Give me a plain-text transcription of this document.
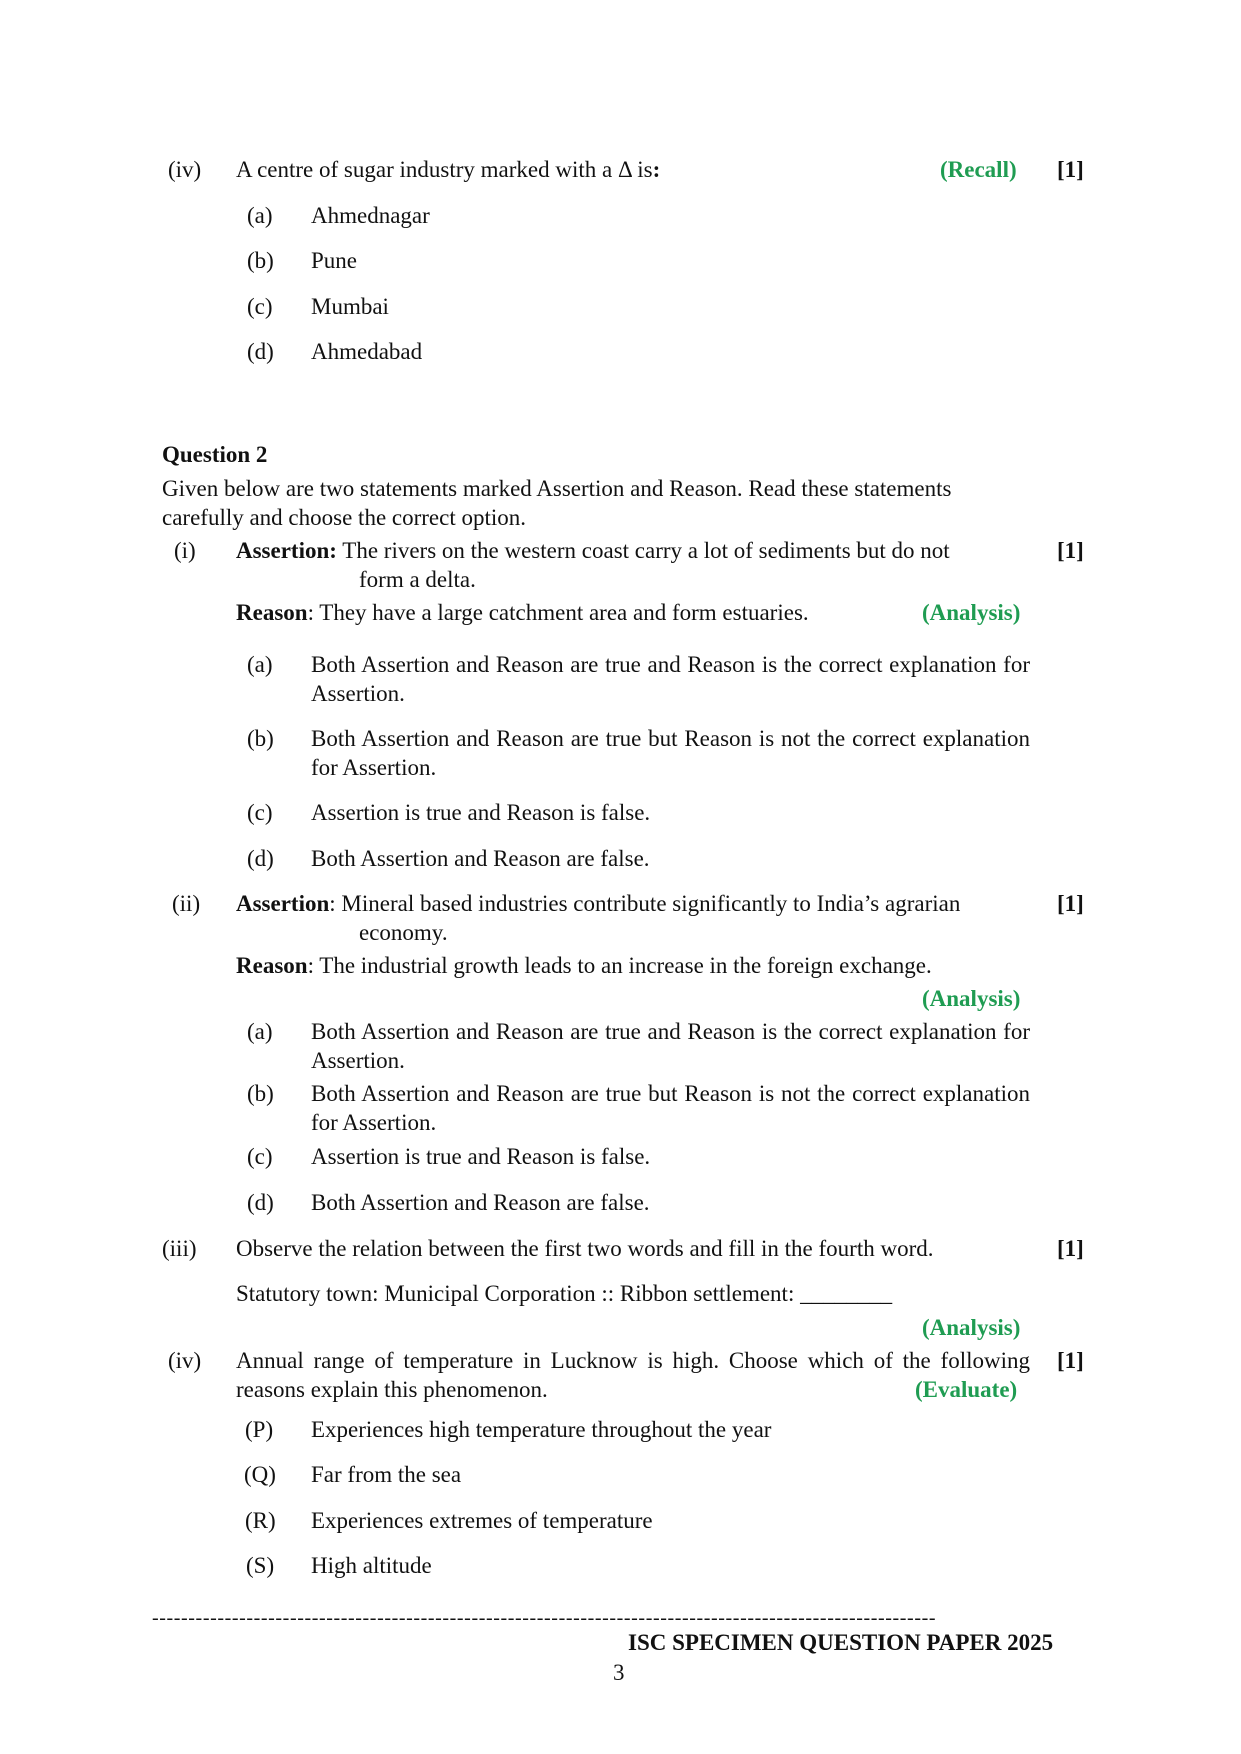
(iv) A centre of sugar industry marked with a Δ is:	(Recall) [1]
(a) Ahmednagar
(b) Pune
(c) Mumbai
(d) Ahmedabad
Question 2
Given below are two statements marked Assertion and Reason. Read these statements
carefully and choose the correct option.
(i) Assertion: The rivers on the western coast carry a lot of sediments but do not
form a delta.
[1]
Reason: They have a large catchment area and form estuaries.	(Analysis)
(a) Both Assertion and Reason are true and Reason is the correct explanation for Assertion.
(b) Both Assertion and Reason are true but Reason is not the correct explanation for Assertion.
(c) Assertion is true and Reason is false.
(d) Both Assertion and Reason are false.
(ii) Assertion: Mineral based industries contribute significantly to India’s agrarian
economy.
[1]
Reason: The industrial growth leads to an increase in the foreign exchange.
(Analysis)
(a) Both Assertion and Reason are true and Reason is the correct explanation for Assertion.
(b) Both Assertion and Reason are true but Reason is not the correct explanation for Assertion.
(c) Assertion is true and Reason is false.
(d) Both Assertion and Reason are false.
(iii) Observe the relation between the first two words and fill in the fourth word.	[1]
Statutory town: Municipal Corporation :: Ribbon settlement: ________
(Analysis)
(iv) Annual range of temperature in Lucknow is high. Choose which of the following reasons explain this phenomenon.	(Evaluate)
[1]
(P) Experiences high temperature throughout the year
(Q) Far from the sea
(R) Experiences extremes of temperature
(S) High altitude
------------------------------------------------------------------------------------------------------------
ISC SPECIMEN QUESTION PAPER 2025
3
